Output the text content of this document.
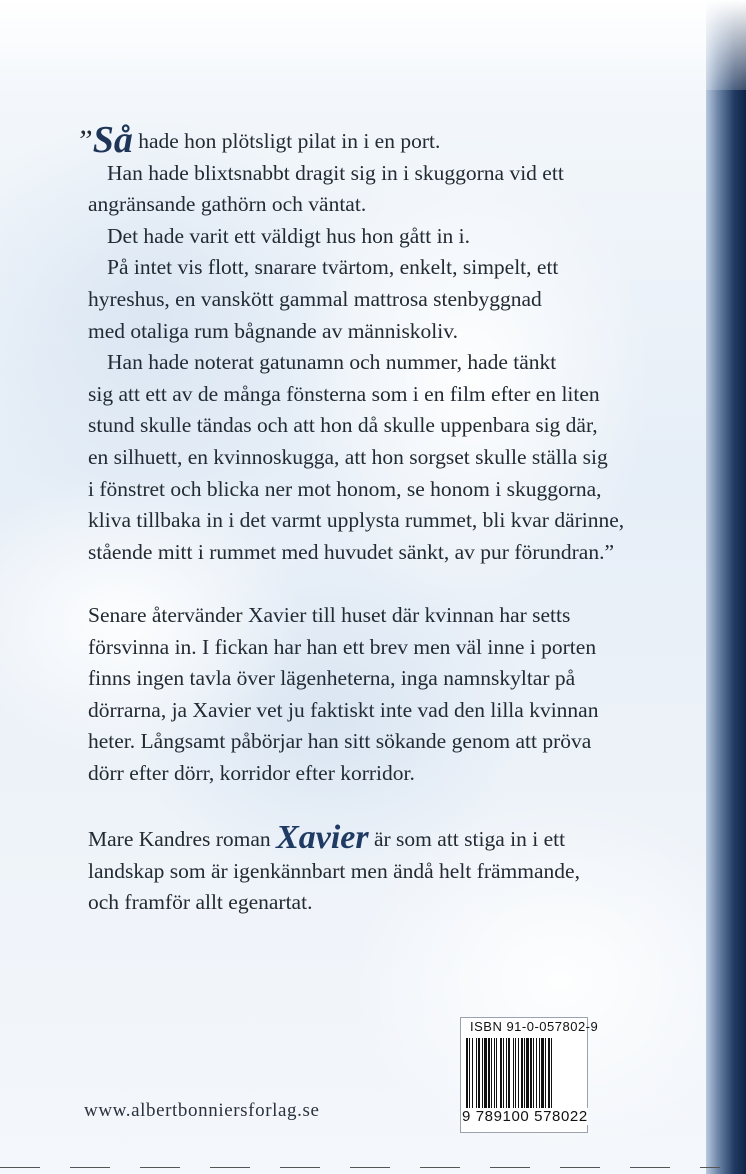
”Så hade hon plötsligt pilat in i en port.
Han hade blixtsnabbt dragit sig in i skuggorna vid ett
angränsande gathörn och väntat.
Det hade varit ett väldigt hus hon gått in i.
På intet vis flott, snarare tvärtom, enkelt, simpelt, ett
hyreshus, en vanskött gammal mattrosa stenbyggnad
med otaliga rum bågnande av människoliv.
Han hade noterat gatunamn och nummer, hade tänkt
sig att ett av de många fönsterna som i en film efter en liten
stund skulle tändas och att hon då skulle uppenbara sig där,
en silhuett, en kvinnoskugga, att hon sorgset skulle ställa sig
i fönstret och blicka ner mot honom, se honom i skuggorna,
kliva tillbaka in i det varmt upplysta rummet, bli kvar därinne,
stående mitt i rummet med huvudet sänkt, av pur förundran.”
Senare återvänder Xavier till huset där kvinnan har setts
försvinna in. I fickan har han ett brev men väl inne i porten
finns ingen tavla över lägenheterna, inga namnskyltar på
dörrarna, ja Xavier vet ju faktiskt inte vad den lilla kvinnan
heter. Långsamt påbörjar han sitt sökande genom att pröva
dörr efter dörr, korridor efter korridor.
Mare Kandres roman Xavier är som att stiga in i ett
landskap som är igenkännbart men ändå helt främmande,
och framför allt egenartat.
www.albertbonniersforlag.se
ISBN 91-0-057802-9
9 789100 578022
